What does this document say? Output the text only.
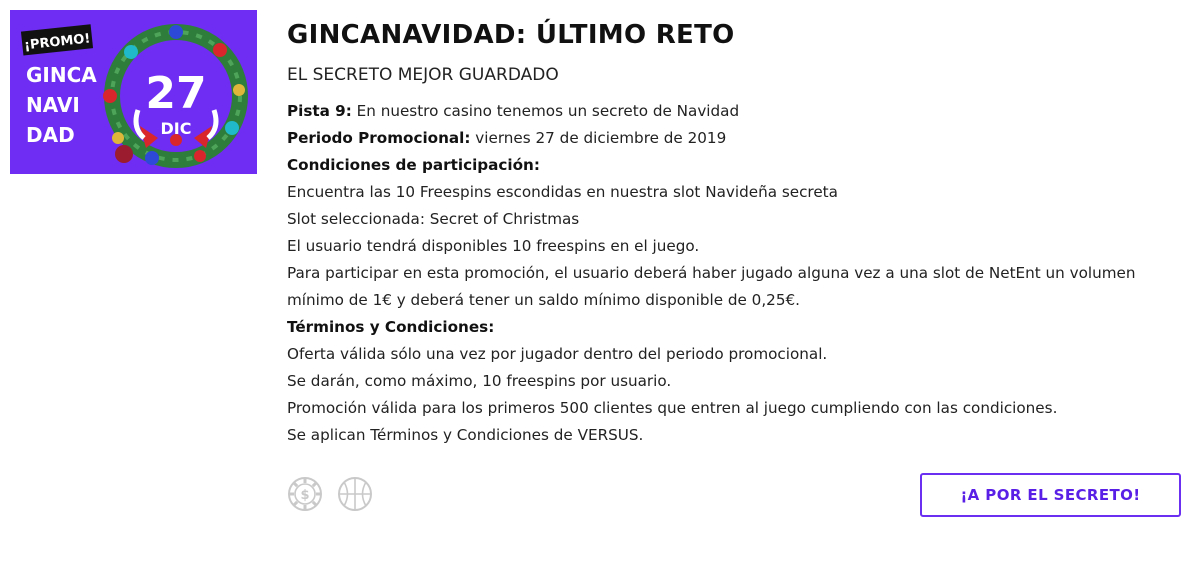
¡PROMO!
GINCA
NAVI
DAD
27
DIC
GINCANAVIDAD: ÚLTIMO RETO
EL SECRETO MEJOR GUARDADO
Pista 9: En nuestro casino tenemos un secreto de Navidad
Periodo Promocional: viernes 27 de diciembre de 2019
Condiciones de participación:
Encuentra las 10 Freespins escondidas en nuestra slot Navideña secreta
Slot seleccionada: Secret of Christmas
El usuario tendrá disponibles 10 freespins en el juego.
Para participar en esta promoción, el usuario deberá haber jugado alguna vez a una slot de NetEnt un volumen
mínimo de 1€ y deberá tener un saldo mínimo disponible de 0,25€.
Términos y Condiciones:
Oferta válida sólo una vez por jugador dentro del periodo promocional.
Se darán, como máximo, 10 freespins por usuario.
Promoción válida para los primeros 500 clientes que entren al juego cumpliendo con las condiciones.
Se aplican Términos y Condiciones de VERSUS.
$	¡A POR EL SECRETO!
